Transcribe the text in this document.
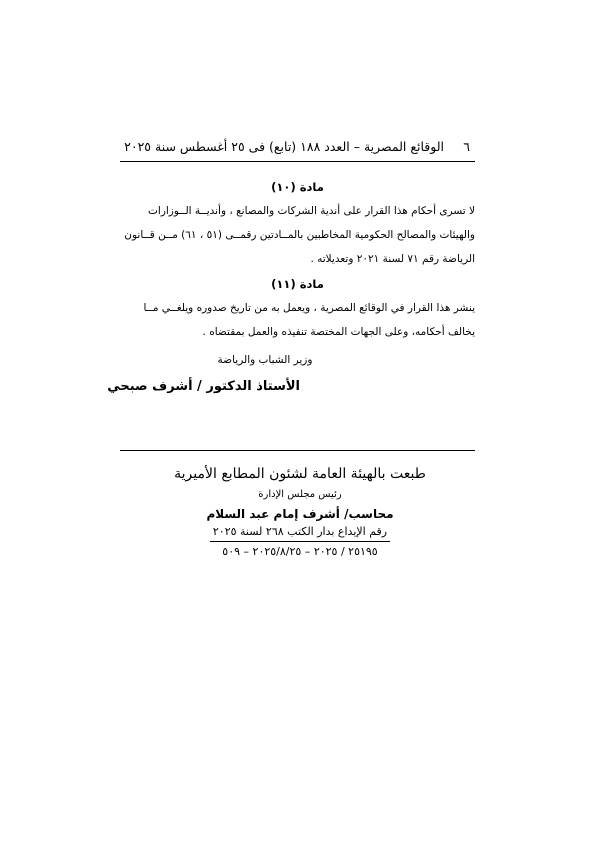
٦
الوقائع المصرية – العدد ١٨٨ (تابع) فى ٢٥ أغسطس سنة ٢٠٢٥
مادة (١٠)
لا تسرى أحكام هذا القرار على أندية الشركات والمصانع ، وأنديــة الــوزارات
والهيئات والمصالح الحكومية المخاطبين بالمــادتين رقمــى (٥١ ، ٦١) مــن قــانون
الرياضة رقم ٧١ لسنة ٢٠٢١ وتعديلاته .
مادة (١١)
ينشر هذا القرار في الوقائع المصرية ، ويعمل به من تاريخ صدوره ويلغــي مــا
يخالف أحكامه، وعلى الجهات المختصة تنفيذه والعمل بمقتضاه .
وزير الشباب والرياضة
الأستاذ الدكتور / أشرف صبحي
طبعت بالهيئة العامة لشئون المطابع الأميرية
رئيس مجلس الإدارة
محاسب/ أشرف إمام عبد السلام
رقم الإيداع بدار الكتب ٢٦٨ لسنة ٢٠٢٥
٢٥١٩٥ / ٢٠٢٥ – ٢٠٢٥/٨/٢٥ – ٥٠٩
